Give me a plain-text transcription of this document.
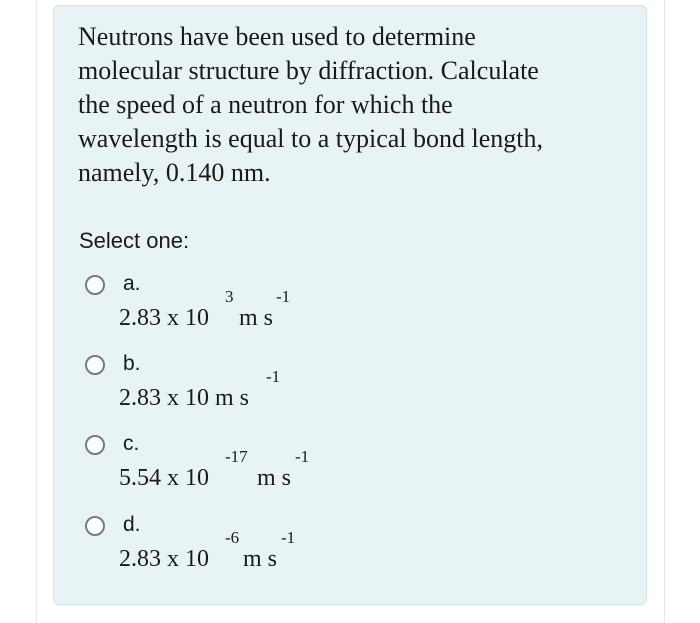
Neutrons have been used to determine
molecular structure by diffraction. Calculate
the speed of a neutron for which the
wavelength is equal to a typical bond length,
namely, 0.140 nm.
Select one:
a.
2.83 x 10
3
m s
-1
b.
2.83 x 10 m s
-1
c.
5.54 x 10
-17
m s
-1
d.
2.83 x 10
-6
m s
-1
